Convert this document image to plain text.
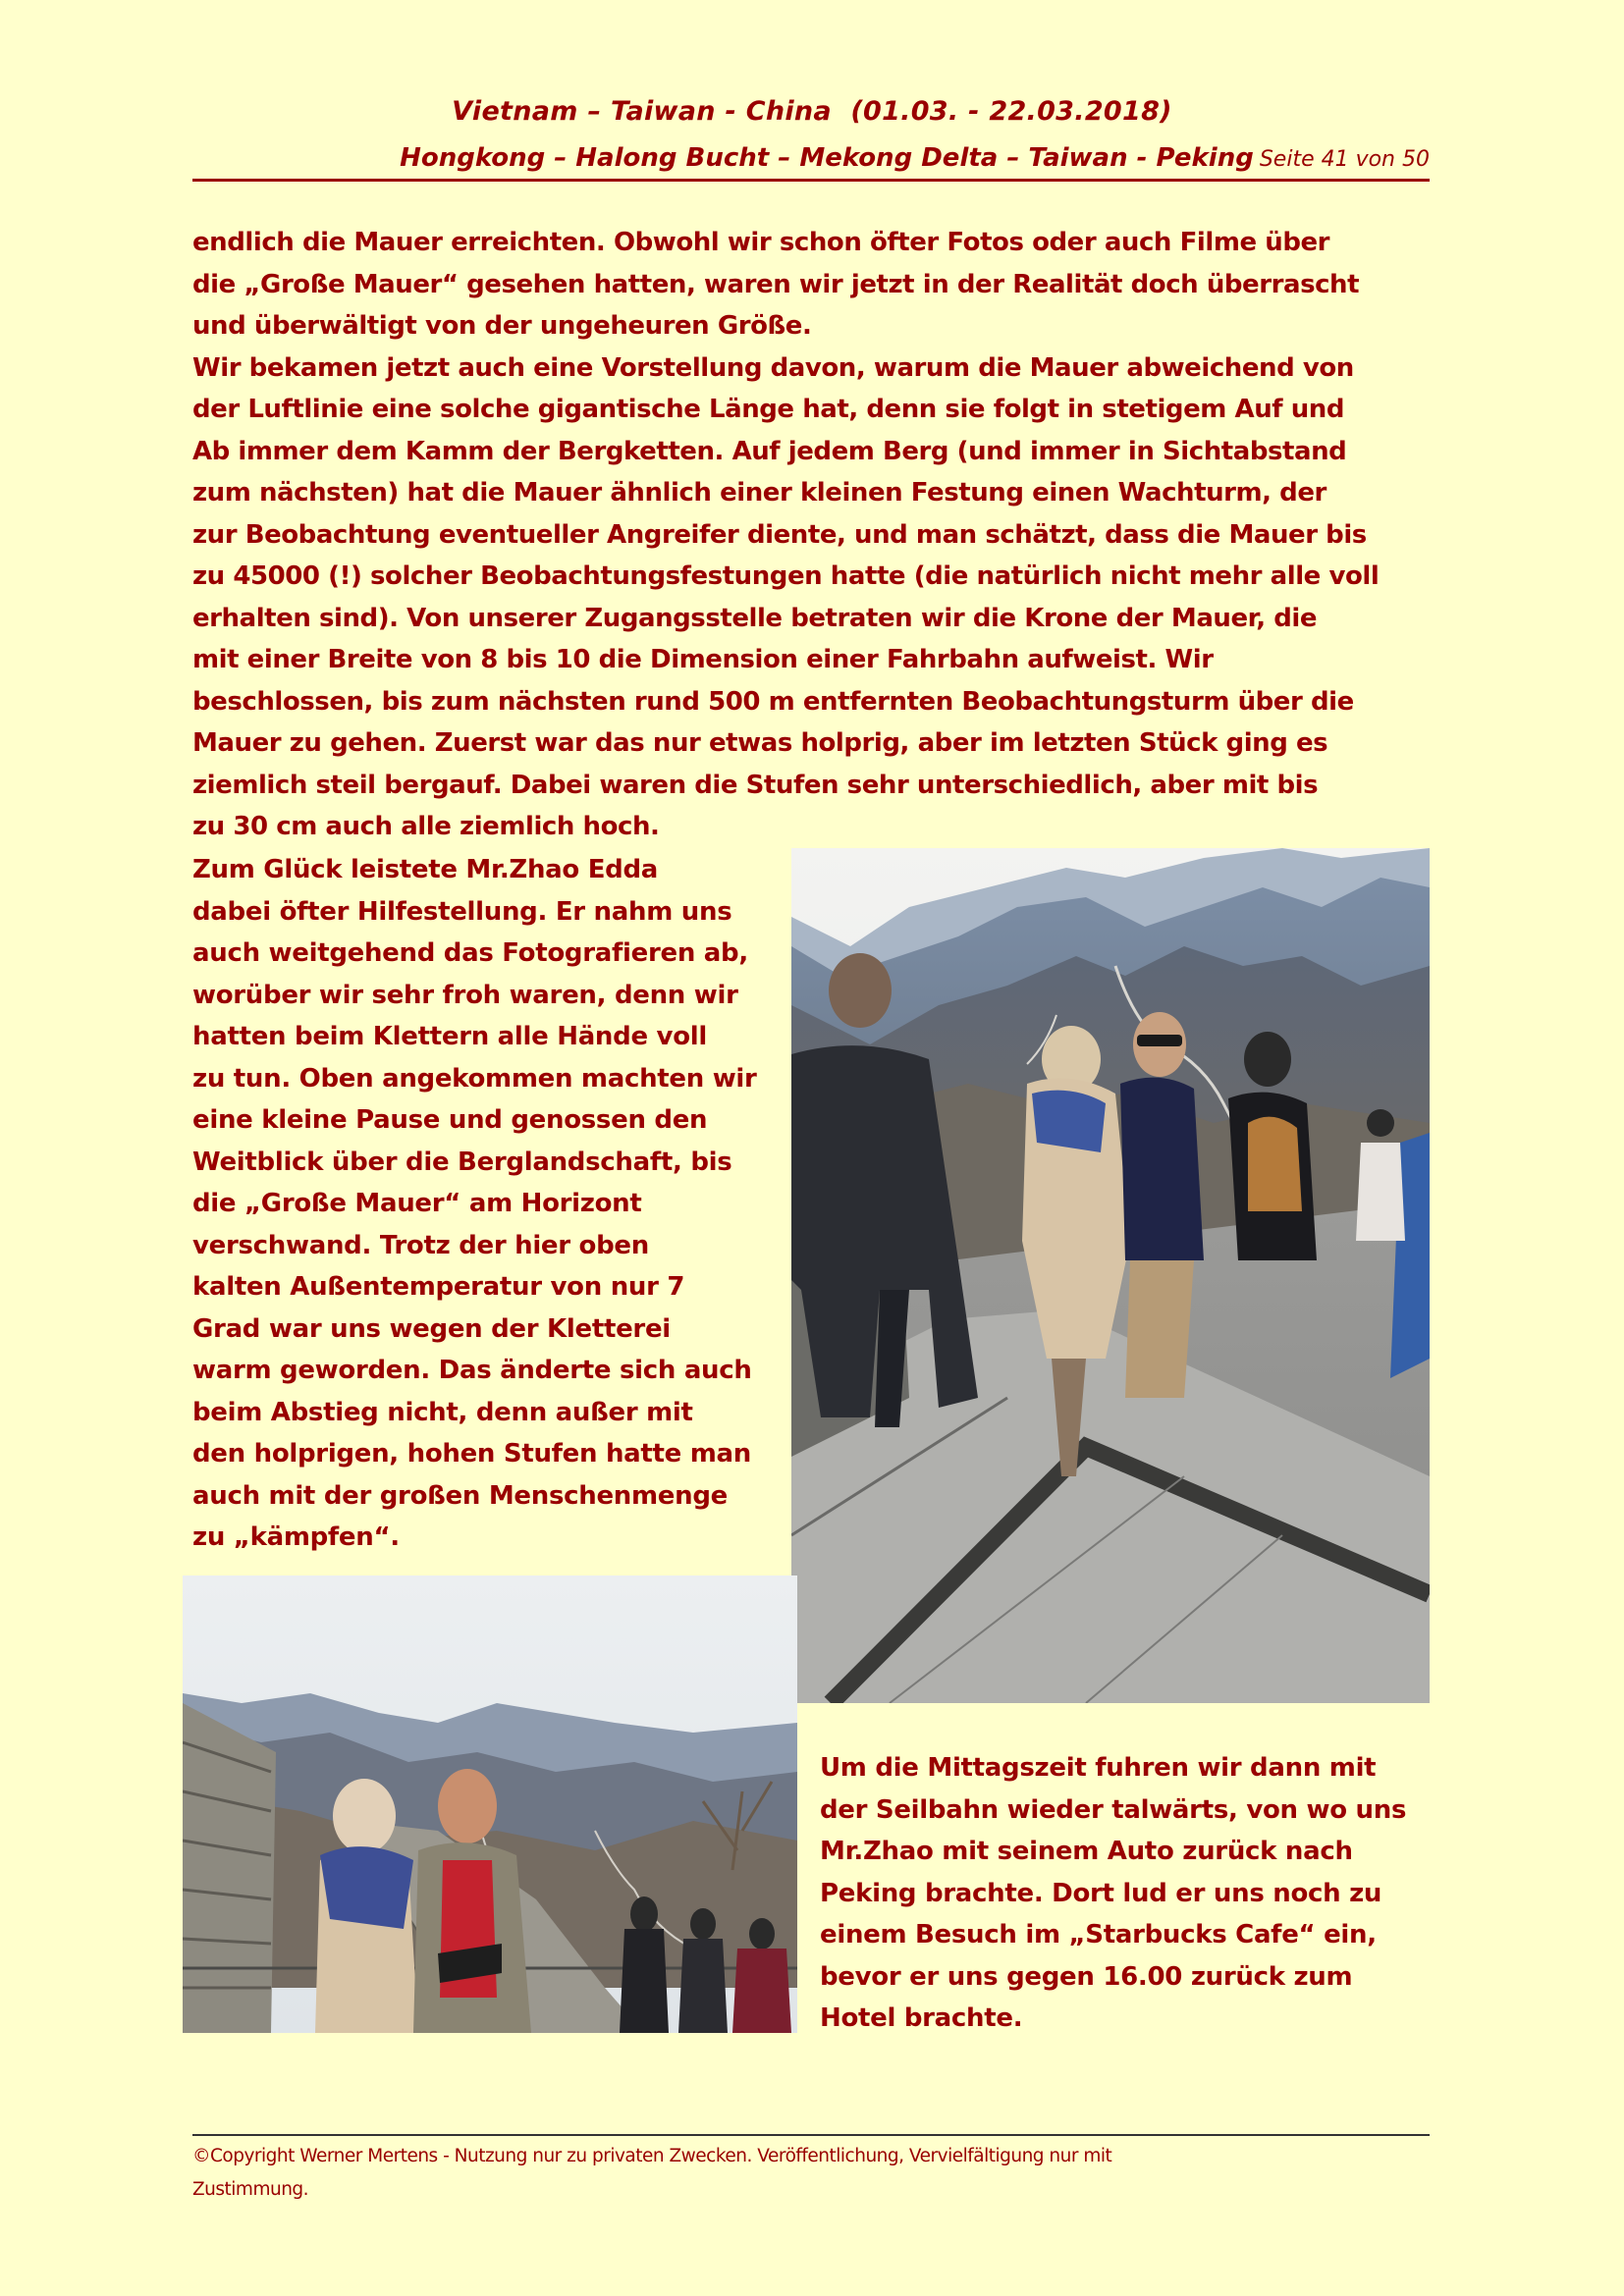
Vietnam – Taiwan - China  (01.03. - 22.03.2018)
Hongkong – Halong Bucht – Mekong Delta – Taiwan - Peking Seite 41 von 50
endlich die Mauer erreichten. Obwohl wir schon öfter Fotos oder auch Filme über
die „Große Mauer“ gesehen hatten, waren wir jetzt in der Realität doch überrascht
und überwältigt von der ungeheuren Größe.
Wir bekamen jetzt auch eine Vorstellung davon, warum die Mauer abweichend von
der Luftlinie eine solche gigantische Länge hat, denn sie folgt in stetigem Auf und
Ab immer dem Kamm der Bergketten. Auf jedem Berg (und immer in Sichtabstand
zum nächsten) hat die Mauer ähnlich einer kleinen Festung einen Wachturm, der
zur Beobachtung eventueller Angreifer diente, und man schätzt, dass die Mauer bis
zu 45000 (!) solcher Beobachtungsfestungen hatte (die natürlich nicht mehr alle voll
erhalten sind). Von unserer Zugangsstelle betraten wir die Krone der Mauer, die
mit einer Breite von 8 bis 10 die Dimension einer Fahrbahn aufweist. Wir
beschlossen, bis zum nächsten rund 500 m entfernten Beobachtungsturm über die
Mauer zu gehen. Zuerst war das nur etwas holprig, aber im letzten Stück ging es
ziemlich steil bergauf. Dabei waren die Stufen sehr unterschiedlich, aber mit bis
zu 30 cm auch alle ziemlich hoch.
Zum Glück leistete Mr.Zhao Edda
dabei öfter Hilfestellung. Er nahm uns
auch weitgehend das Fotografieren ab,
worüber wir sehr froh waren, denn wir
hatten beim Klettern alle Hände voll
zu tun. Oben angekommen machten wir
eine kleine Pause und genossen den
Weitblick über die Berglandschaft, bis
die „Große Mauer“ am Horizont
verschwand. Trotz der hier oben
kalten Außentemperatur von nur 7
Grad war uns wegen der Kletterei
warm geworden. Das änderte sich auch
beim Abstieg nicht, denn außer mit
den holprigen, hohen Stufen hatte man
auch mit der großen Menschenmenge
zu „kämpfen“.
Um die Mittagszeit fuhren wir dann mit
der Seilbahn wieder talwärts, von wo uns
Mr.Zhao mit seinem Auto zurück nach
Peking brachte. Dort lud er uns noch zu
einem Besuch im „Starbucks Cafe“ ein,
bevor er uns gegen 16.00 zurück zum
Hotel brachte.
©Copyright Werner Mertens - Nutzung nur zu privaten Zwecken. Veröffentlichung, Vervielfältigung nur mit
Zustimmung.
